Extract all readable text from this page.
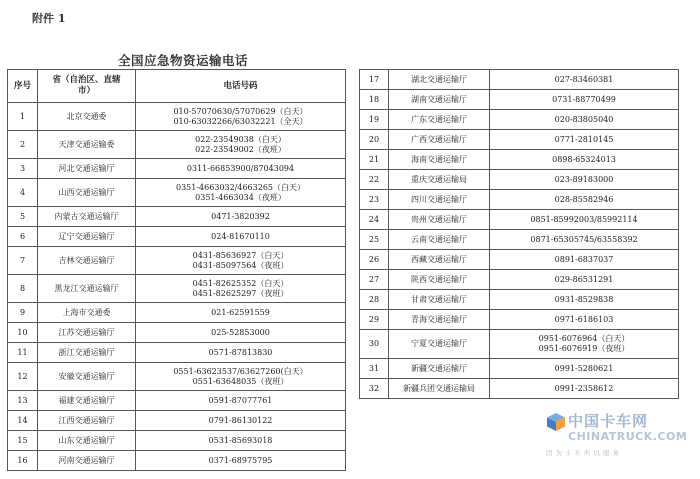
附件 1
全国应急物资运输电话
序号	省（自治区、直辖市）	电话号码
1	北京交通委	010-57070630/57070629（白天）
010-63032266/63032221（全天）

2	天津交通运输委	022-23549038（白天）
022-23549002（夜班）

3	河北交通运输厅	0311-66853900/87043094

4	山西交通运输厅	0351-4663032/4663265（白天）
0351-4663034（夜班）

5	内蒙古交通运输厅	0471-3820392

6	辽宁交通运输厅	024-81670110

7	吉林交通运输厅	0431-85636927（白天）
0431-85097564（夜班）

8	黑龙江交通运输厅	0451-82625352（白天）
0451-82625297（夜班）

9	上海市交通委	021-62591559

10	江苏交通运输厅	025-52853000

11	浙江交通运输厅	0571-87813830

12	安徽交通运输厅	0551-63623537/63627260(白天）
0551-63648035（夜班）

13	福建交通运输厅	0591-87077761

14	江西交通运输厅	0791-86130122

15	山东交通运输厅	0531-85693018

16	河南交通运输厅	0371-68975795
17	湖北交通运输厅	027-83460381

18	湖南交通运输厅	0731-88770499

19	广东交通运输厅	020-83805040

20	广西交通运输厅	0771-2810145

21	海南交通运输厅	0898-65324013

22	重庆交通运输局	023-89183000

23	四川交通运输厅	028-85582946

24	贵州交通运输厅	0851-85992003/85992114

25	云南交通运输厅	0871-65305745/63558392

26	西藏交通运输厅	0891-6837037

27	陕西交通运输厅	029-86531291

28	甘肃交通运输厅	0931-8529838

29	青海交通运输厅	0971-6186103

30	宁夏交通运输厅	0951-6076964（白天）
0951-6076919（夜班）

31	新疆交通运输厅	0991-5280621

32	新疆兵团交通运输局	0991-2358612
中国卡车网
CHINATRUCK.COM
因为卡车所以服务
